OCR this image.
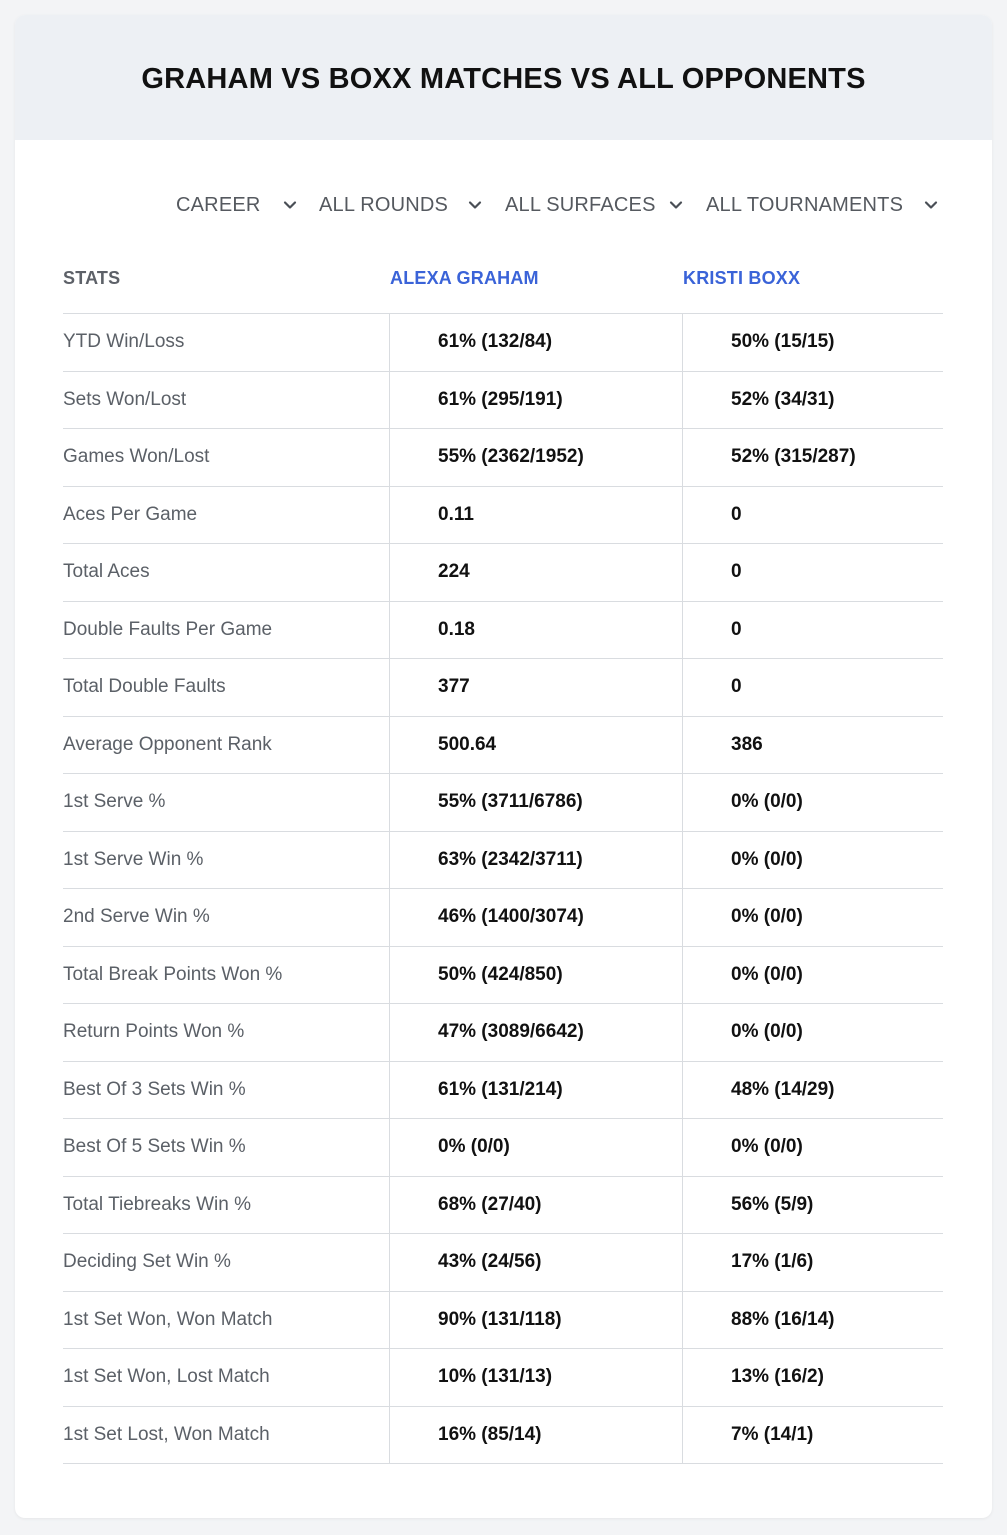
GRAHAM VS BOXX MATCHES VS ALL OPPONENTS
CAREER	ALL ROUNDS	ALL SURFACES	ALL TOURNAMENTS
STATS	ALEXA GRAHAM	KRISTI BOXX
YTD Win/Loss	61% (132/84)	50% (15/15)
Sets Won/Lost	61% (295/191)	52% (34/31)
Games Won/Lost	55% (2362/1952)	52% (315/287)
Aces Per Game	0.11	0
Total Aces	224	0
Double Faults Per Game	0.18	0
Total Double Faults	377	0
Average Opponent Rank	500.64	386
1st Serve %	55% (3711/6786)	0% (0/0)
1st Serve Win %	63% (2342/3711)	0% (0/0)
2nd Serve Win %	46% (1400/3074)	0% (0/0)
Total Break Points Won %	50% (424/850)	0% (0/0)
Return Points Won %	47% (3089/6642)	0% (0/0)
Best Of 3 Sets Win %	61% (131/214)	48% (14/29)
Best Of 5 Sets Win %	0% (0/0)	0% (0/0)
Total Tiebreaks Win %	68% (27/40)	56% (5/9)
Deciding Set Win %	43% (24/56)	17% (1/6)
1st Set Won, Won Match	90% (131/118)	88% (16/14)
1st Set Won, Lost Match	10% (131/13)	13% (16/2)
1st Set Lost, Won Match	16% (85/14)	7% (14/1)
